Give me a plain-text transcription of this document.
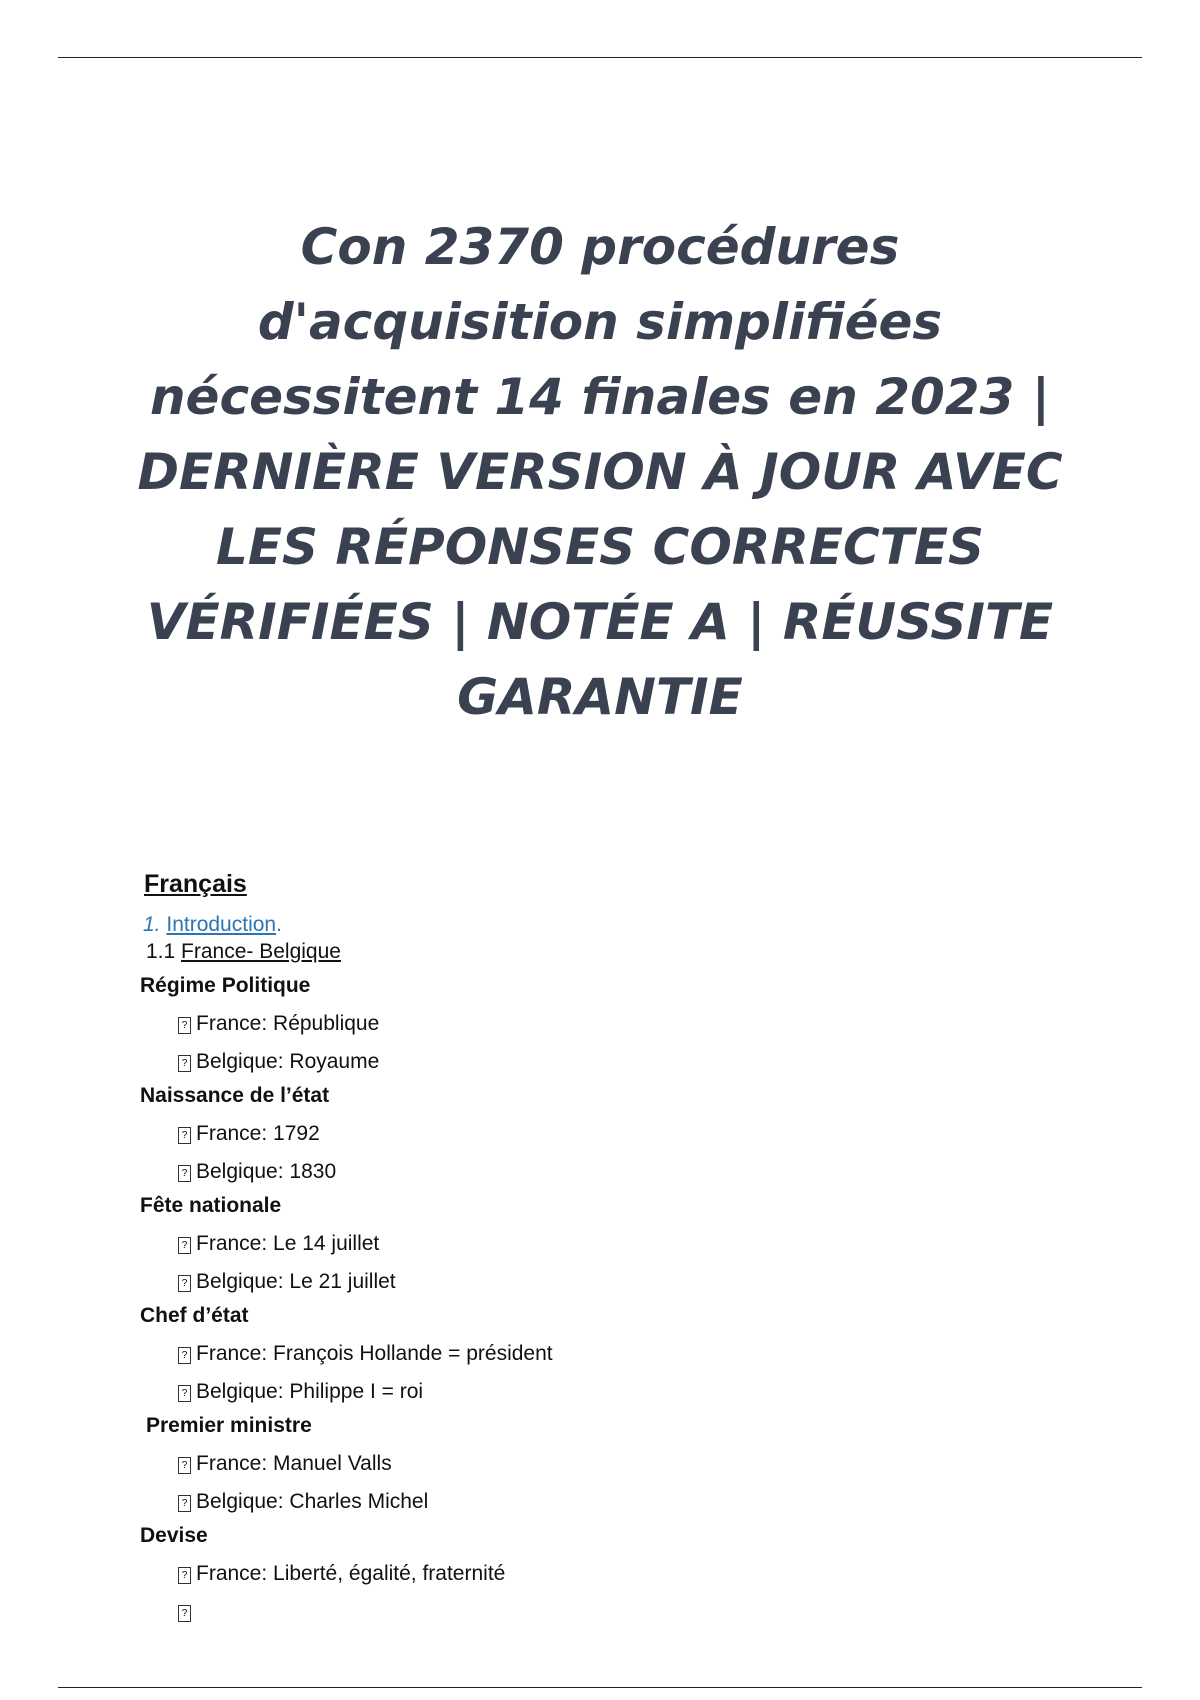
Con 2370 procédures d'acquisition simplifiées nécessitent 14 finales en 2023 | DERNIÈRE VERSION À JOUR AVEC LES RÉPONSES CORRECTES VÉRIFIÉES | NOTÉE A | RÉUSSITE GARANTIE
Français
1. Introduction.
1.1 France- Belgique
Régime Politique
? France: République
? Belgique: Royaume
Naissance de l’état
? France: 1792
? Belgique: 1830
Fête nationale
? France: Le 14 juillet
? Belgique: Le 21 juillet
Chef d’état
? France: François Hollande = président
? Belgique: Philippe I = roi
Premier ministre
? France: Manuel Valls
? Belgique: Charles Michel
Devise
? France: Liberté, égalité, fraternité
?
